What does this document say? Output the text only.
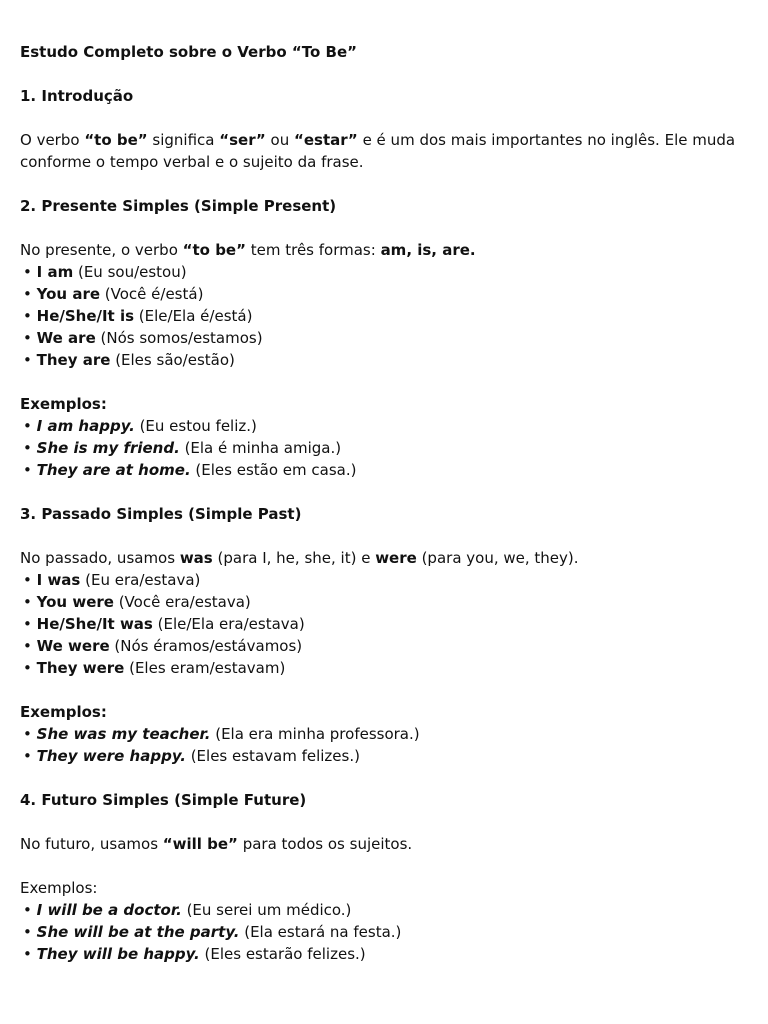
Estudo Completo sobre o Verbo “To Be”
1. Introdução
O verbo “to be” significa “ser” ou “estar” e é um dos mais importantes no inglês. Ele muda
conforme o tempo verbal e o sujeito da frase.
2. Presente Simples (Simple Present)
No presente, o verbo “to be” tem três formas: am, is, are.
• I am (Eu sou/estou)
• You are (Você é/está)
• He/She/It is (Ele/Ela é/está)
• We are (Nós somos/estamos)
• They are (Eles são/estão)
Exemplos:
• I am happy. (Eu estou feliz.)
• She is my friend. (Ela é minha amiga.)
• They are at home. (Eles estão em casa.)
3. Passado Simples (Simple Past)
No passado, usamos was (para I, he, she, it) e were (para you, we, they).
• I was (Eu era/estava)
• You were (Você era/estava)
• He/She/It was (Ele/Ela era/estava)
• We were (Nós éramos/estávamos)
• They were (Eles eram/estavam)
Exemplos:
• She was my teacher. (Ela era minha professora.)
• They were happy. (Eles estavam felizes.)
4. Futuro Simples (Simple Future)
No futuro, usamos “will be” para todos os sujeitos.
Exemplos:
• I will be a doctor. (Eu serei um médico.)
• She will be at the party. (Ela estará na festa.)
• They will be happy. (Eles estarão felizes.)
